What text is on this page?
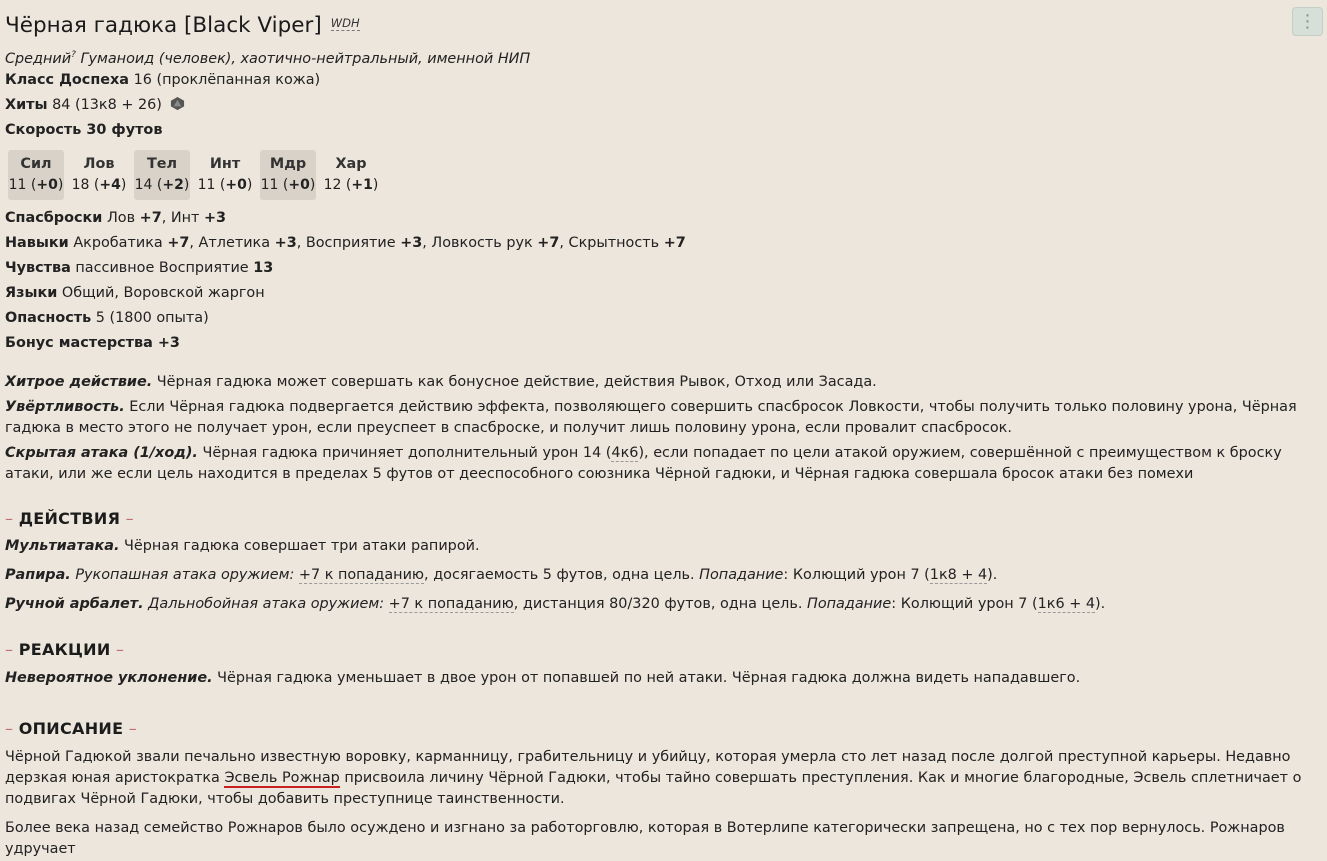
Чёрная гадюка [Black Viper] WDH	⋮
Средний? Гуманоид (человек), хаотично-нейтральный, именной НИП
Класс Доспеха 16 (проклёпанная кожа)
Хиты 84 (13к8 + 26)
Скорость 30 футов
Сил
11 (+0)
Лов
18 (+4)
Тел
14 (+2)
Инт
11 (+0)
Мдр
11 (+0)
Хар
12 (+1)
Спасброски Лов +7, Инт +3
Навыки Акробатика +7, Атлетика +3, Восприятие +3, Ловкость рук +7, Скрытность +7
Чувства пассивное Восприятие 13
Языки Общий, Воровской жаргон
Опасность 5 (1800 опыта)
Бонус мастерства +3

Хитрое действие. Чёрная гадюка может совершать как бонусное действие, действия Рывок, Отход или Засада.

Увёртливость. Если Чёрная гадюка подвергается действию эффекта, позволяющего совершить спасбросок Ловкости, чтобы получить только половину урона, Чёрная гадюка в место этого не получает урон, если преуспеет в спасброске, и получит лишь половину урона, если провалит спасбросок.

Скрытая атака (1/ход). Чёрная гадюка причиняет дополнительный урон 14 (4к6), если попадает по цели атакой оружием, совершённой с преимуществом к броску атаки, или же если цель находится в пределах 5 футов от дееспособного союзника Чёрной гадюки, и Чёрная гадюка совершала бросок атаки без помехи

– ДЕЙСТВИЯ –

Мультиатака. Чёрная гадюка совершает три атаки рапирой.

Рапира. Рукопашная атака оружием: +7 к попаданию, досягаемость 5 футов, одна цель. Попадание: Колющий урон 7 (1к8 + 4).

Ручной арбалет. Дальнобойная атака оружием: +7 к попаданию, дистанция 80/320 футов, одна цель. Попадание: Колющий урон 7 (1к6 + 4).

– РЕАКЦИИ –

Невероятное уклонение. Чёрная гадюка уменьшает в двое урон от попавшей по ней атаки. Чёрная гадюка должна видеть нападавшего.

– ОПИСАНИЕ –

Чёрной Гадюкой звали печально известную воровку, карманницу, грабительницу и убийцу, которая умерла сто лет назад после долгой преступной карьеры. Недавно дерзкая юная аристократка Эсвель Рожнар присвоила личину Чёрной Гадюки, чтобы тайно совершать преступления. Как и многие благородные, Эсвель сплетничает о подвигах Чёрной Гадюки, чтобы добавить преступнице таинственности.

Более века назад семейство Рожнаров было осуждено и изгнано за работорговлю, которая в Вотерлипе категорически запрещена, но с тех пор вернулось. Рожнаров удручает
